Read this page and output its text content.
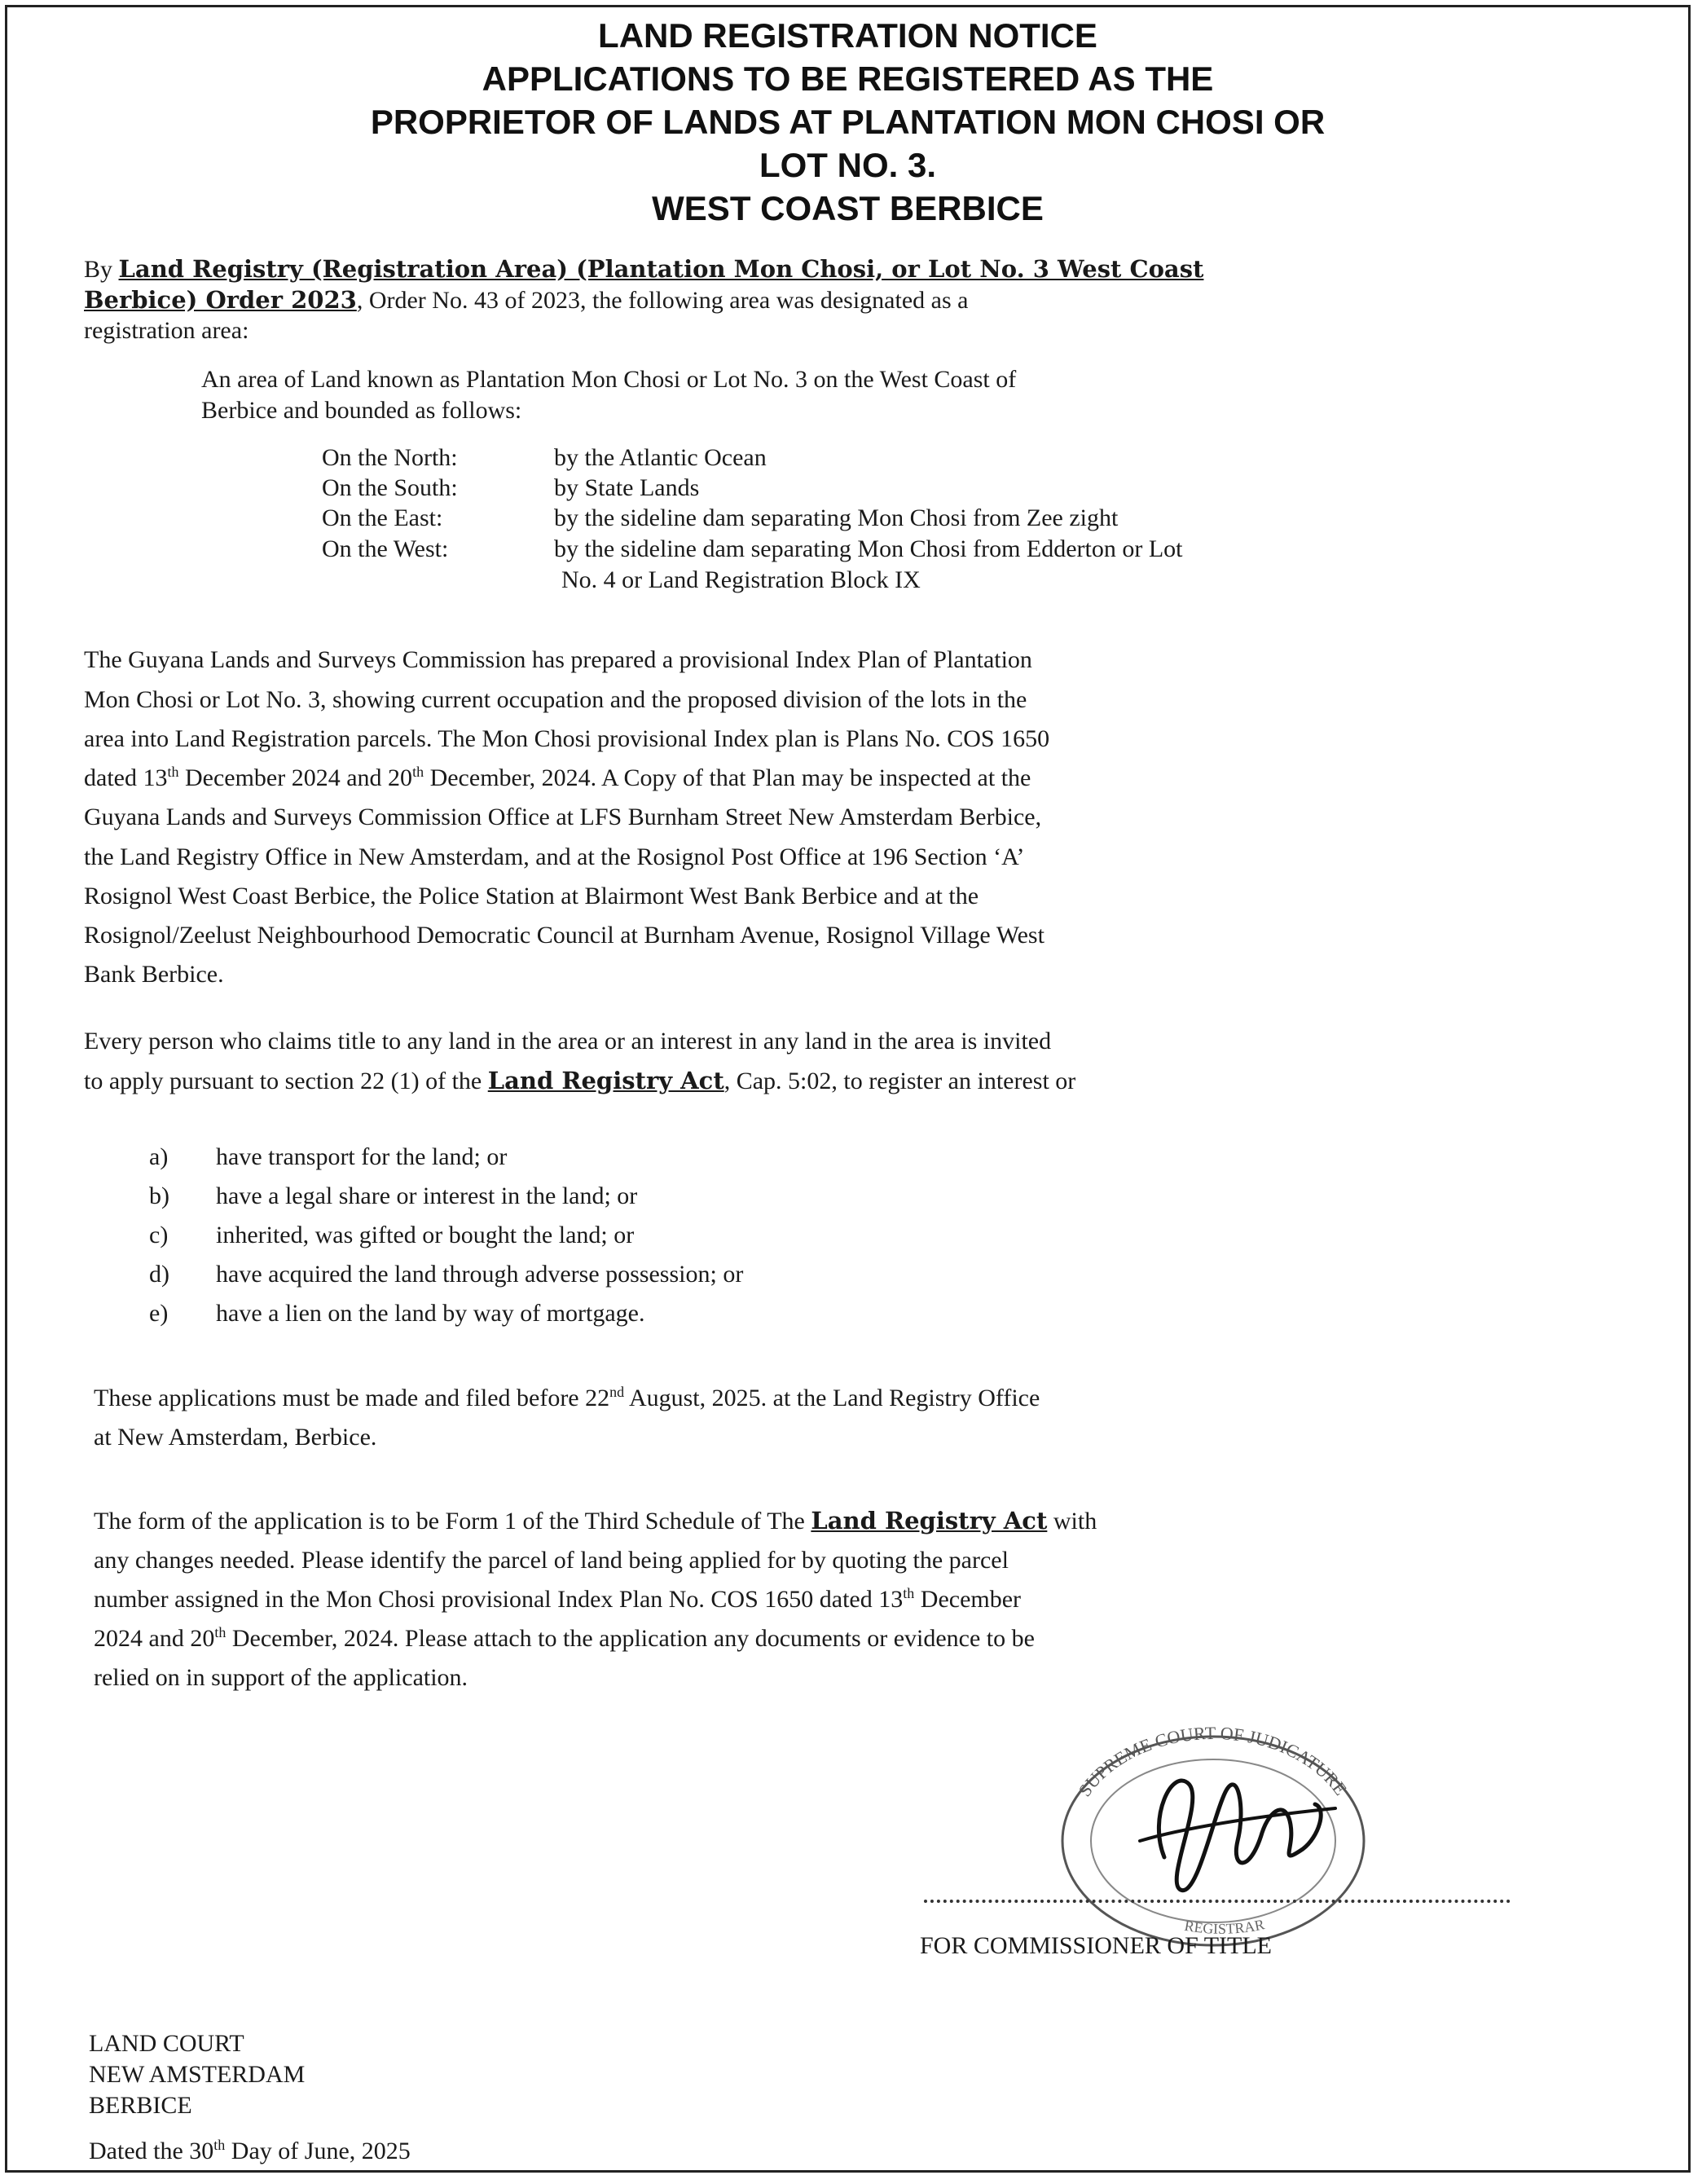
LAND REGISTRATION NOTICE
APPLICATIONS TO BE REGISTERED AS THE
PROPRIETOR OF LANDS AT PLANTATION MON CHOSI OR
LOT NO. 3.
WEST COAST BERBICE
By Land Registry (Registration Area) (Plantation Mon Chosi, or Lot No. 3 West Coast
Berbice) Order 2023, Order No. 43 of 2023, the following area was designated as a
registration area:
An area of Land known as Plantation Mon Chosi or Lot No. 3 on the West Coast of
Berbice and bounded as follows:
On the North:	by the Atlantic Ocean
On the South:	by State Lands
On the East:	by the sideline dam separating Mon Chosi from Zee zight
On the West:	by the sideline dam separating Mon Chosi from Edderton or Lot
No. 4 or Land Registration Block IX
The Guyana Lands and Surveys Commission has prepared a provisional Index Plan of Plantation
Mon Chosi or Lot No. 3, showing current occupation and the proposed division of the lots in the
area into Land Registration parcels. The Mon Chosi provisional Index plan is Plans No. COS 1650
dated 13th December 2024 and 20th December, 2024. A Copy of that Plan may be inspected at the
Guyana Lands and Surveys Commission Office at LFS Burnham Street New Amsterdam Berbice,
the Land Registry Office in New Amsterdam, and at the Rosignol Post Office at 196 Section ‘A’
Rosignol West Coast Berbice, the Police Station at Blairmont West Bank Berbice and at the
Rosignol/Zeelust Neighbourhood Democratic Council at Burnham Avenue, Rosignol Village West
Bank Berbice.
Every person who claims title to any land in the area or an interest in any land in the area is invited
to apply pursuant to section 22 (1) of the Land Registry Act, Cap. 5:02, to register an interest or
a) have transport for the land; or
b) have a legal share or interest in the land; or
c) inherited, was gifted or bought the land; or
d) have acquired the land through adverse possession; or
e) have a lien on the land by way of mortgage.
These applications must be made and filed before 22nd August, 2025. at the Land Registry Office
at New Amsterdam, Berbice.
The form of the application is to be Form 1 of the Third Schedule of The Land Registry Act with
any changes needed. Please identify the parcel of land being applied for by quoting the parcel
number assigned in the Mon Chosi provisional Index Plan No. COS 1650 dated 13th December
2024 and 20th December, 2024. Please attach to the application any documents or evidence to be
relied on in support of the application.
SUPREME COURT OF JUDICATURE
REGISTRAR
FOR COMMISSIONER OF TITLE
LAND COURT
NEW AMSTERDAM
BERBICE
Dated the 30th Day of June, 2025
